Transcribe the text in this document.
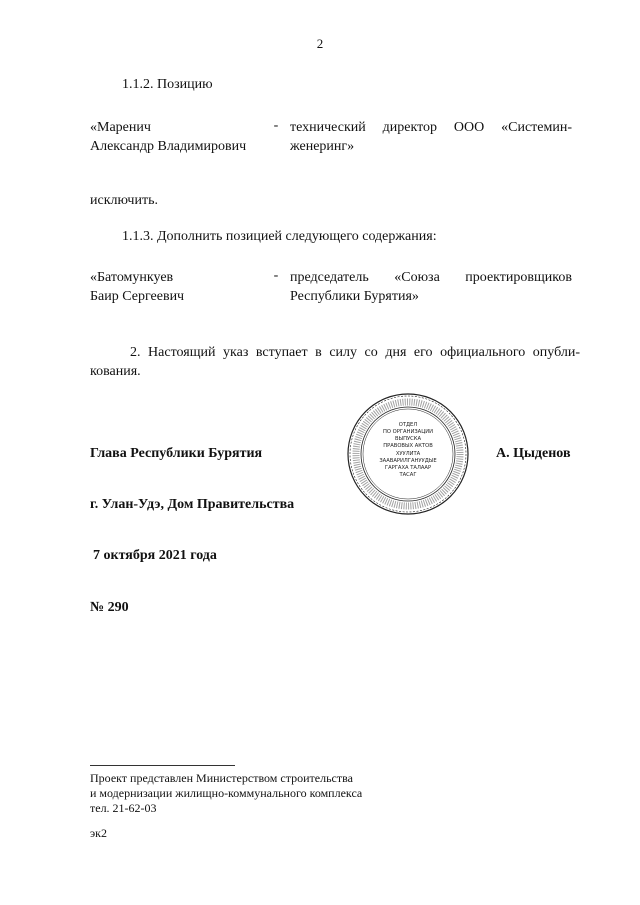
2
1.1.2. Позицию
«Маренич
Александр Владимирович
- технический директор ООО «Системин-
женеринг»
исключить.
1.1.3. Дополнить позицией следующего содержания:
«Батомункуев
Баир Сергеевич
- председатель «Союза проектировщиков
Республики Бурятия»
2. Настоящий указ вступает в силу со дня его официального опубли-
кования.
ОТДЕЛ
ПО ОРГАНИЗАЦИИ
ВЫПУСКА
ПРАВОВЫХ АКТОВ
ХУУЛИТА
ЗААВАРИЛГАНУУДЫЕ
ГАРГАХА ТАЛААР
ТАСАГ
Глава Республики Бурятия	А. Цыденов
г. Улан-Удэ, Дом Правительства
7 октября 2021 года
№ 290
Проект представлен Министерством строительства
и модернизации жилищно-коммунального комплекса
тел. 21-62-03
эк2
